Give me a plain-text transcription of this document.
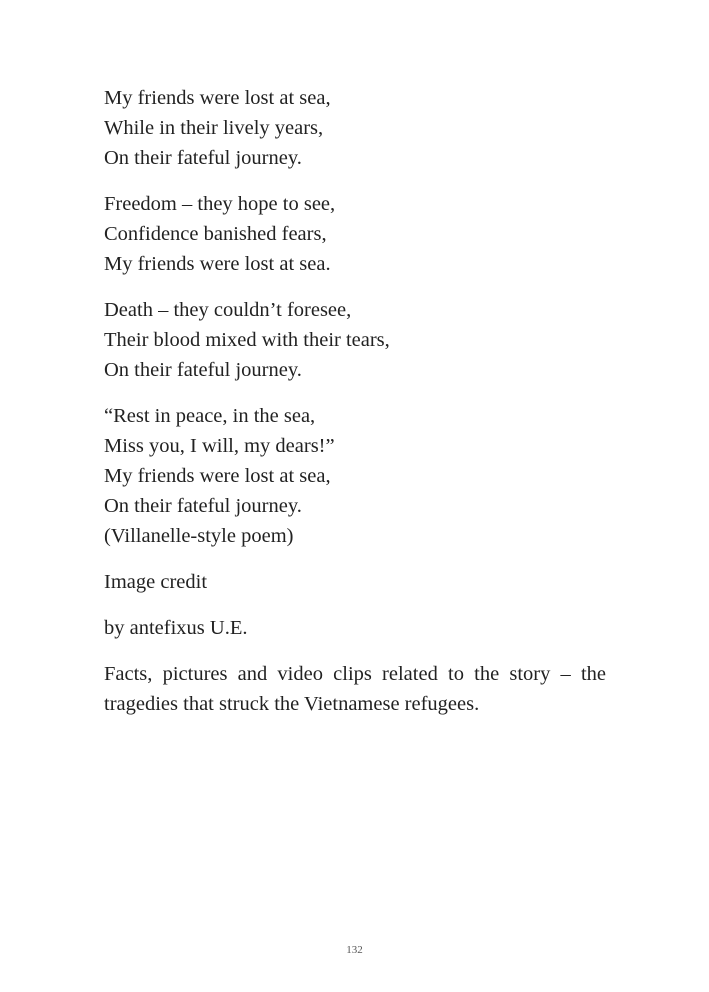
My friends were lost at sea,
While in their lively years,
On their fateful journey.
Freedom – they hope to see,
Confidence banished fears,
My friends were lost at sea.
Death – they couldn’t foresee,
Their blood mixed with their tears,
On their fateful journey.
“Rest in peace, in the sea,
Miss you, I will, my dears!”
My friends were lost at sea,
On their fateful journey.
(Villanelle-style poem)

Image credit

by antefixus U.E.

Facts, pictures and video clips related to the story – the tragedies that struck the Vietnamese refugees.

132
